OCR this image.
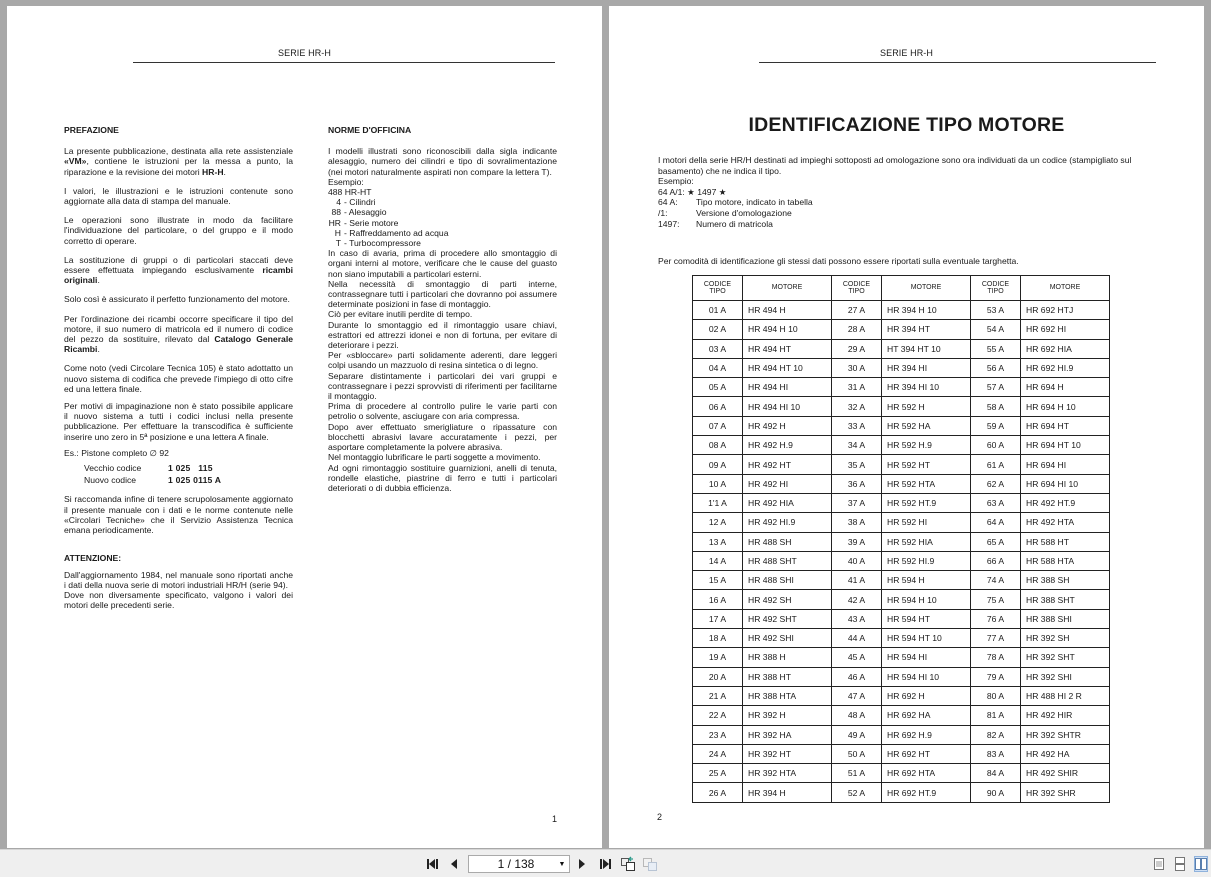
SERIE HR-H
PREFAZIONE

La presente pubblicazione, destinata alla rete assistenziale «VM», contiene le istruzioni per la messa a punto, la riparazione e la revisione dei motori HR-H.

I valori, le illustrazioni e le istruzioni contenute sono aggiornate alla data di stampa del manuale.

Le operazioni sono illustrate in modo da facilitare l'individuazione del particolare, o del gruppo e il modo corretto di operare.

La sostituzione di gruppi o di particolari staccati deve essere effettuata impiegando esclusivamente ricambi originali.

Solo così è assicurato il perfetto funzionamento del motore.

Per l'ordinazione dei ricambi occorre specificare il tipo del motore, il suo numero di matricola ed il numero di codice del pezzo da sostituire, rilevato dal Catalogo Generale Ricambi.

Come noto (vedi Circolare Tecnica 105) è stato adottatto un nuovo sistema di codifica che prevede l'impiego di otto cifre ed una lettera finale.

Per motivi di impaginazione non è stato possibile applicare il nuovo sistema a tutti i codici inclusi nella presente pubblicazione. Per effettuare la transcodifica è sufficiente inserire uno zero in 5ª posizione e una lettera A finale.

Es.: Pistone completo ∅ 92
Vecchio codice	1 025   115
Nuovo codice	1 025 0115 A

Si raccomanda infine di tenere scrupolosamente aggiornato il presente manuale con i dati e le norme contenute nelle «Circolari Tecniche» che il Servizio Assistenza Tecnica emana periodicamente.

ATTENZIONE:

Dall'aggiornamento 1984, nel manuale sono riportati anche i dati della nuova serie di motori industriali HR/H (serie 94).

Dove non diversamente specificato, valgono i valori dei motori delle precedenti serie.

NORME D'OFFICINA

I modelli illustrati sono riconoscibili dalla sigla indicante alesaggio, numero dei cilindri e tipo di sovralimentazione (nei motori naturalmente aspirati non compare la lettera T).

Esempio:
488 HR-HT
4 - Cilindri
88 - Alesaggio
HR - Serie motore
H - Raffreddamento ad acqua
T - Turbocompressore

In caso di avaria, prima di procedere allo smontaggio di organi interni al motore, verificare che le cause del guasto non siano imputabili a particolari esterni.

Nella necessità di smontaggio di parti interne, contrassegnare tutti i particolari che dovranno poi assumere determinate posizioni in fase di montaggio.

Ciò per evitare inutili perdite di tempo.

Durante lo smontaggio ed il rimontaggio usare chiavi, estrattori ed attrezzi idonei e non di fortuna, per evitare di deteriorare i pezzi.

Per «sbloccare» parti solidamente aderenti, dare leggeri colpi usando un mazzuolo di resina sintetica o di legno.

Separare distintamente i particolari dei vari gruppi e contrassegnare i pezzi sprovvisti di riferimenti per facilitarne il montaggio.

Prima di procedere al controllo pulire le varie parti con petrolio o solvente, asciugare con aria compressa.

Dopo aver effettuato smerigliature o ripassature con blocchetti abrasivi lavare accuratamente i pezzi, per asportare completamente la polvere abrasiva.

Nel montaggio lubrificare le parti soggette a movimento.

Ad ogni rimontaggio sostituire guarnizioni, anelli di tenuta, rondelle elastiche, piastrine di ferro e tutti i particolari deteriorati o di dubbia efficienza.

1
SERIE HR-H
IDENTIFICAZIONE TIPO MOTORE
I motori della serie HR/H destinati ad impieghi sottoposti ad omologazione sono ora individuati da un codice (stampigliato sul basamento) che ne indica il tipo.
Esempio:
64 A/1: ★ 1497 ★
64 A:	Tipo motore, indicato in tabella
/1:	Versione d'omologazione
1497:	Numero di matricola
Per comodità di identificazione gli stessi dati possono essere riportati sulla eventuale targhetta.
CODICE
TIPO	MOTORE	CODICE
TIPO	MOTORE	CODICE
TIPO	MOTORE
01 A	HR 494 H	27 A	HR 394 H 10	53 A	HR 692 HTJ
02 A	HR 494 H 10	28 A	HR 394 HT	54 A	HR 692 HI
03 A	HR 494 HT	29 A	HT 394 HT 10	55 A	HR 692 HIA
04 A	HR 494 HT 10	30 A	HR 394 HI	56 A	HR 692 HI.9
05 A	HR 494 HI	31 A	HR 394 HI 10	57 A	HR 694 H
06 A	HR 494 HI 10	32 A	HR 592 H	58 A	HR 694 H 10
07 A	HR 492 H	33 A	HR 592 HA	59 A	HR 694 HT
08 A	HR 492 H.9	34 A	HR 592 H.9	60 A	HR 694 HT 10
09 A	HR 492 HT	35 A	HR 592 HT	61 A	HR 694 HI
10 A	HR 492 HI	36 A	HR 592 HTA	62 A	HR 694 HI 10
1'1 A	HR 492 HIA	37 A	HR 592 HT.9	63 A	HR 492 HT.9
12 A	HR 492 HI.9	38 A	HR 592 HI	64 A	HR 492 HTA
13 A	HR 488 SH	39 A	HR 592 HIA	65 A	HR 588 HT
14 A	HR 488 SHT	40 A	HR 592 HI.9	66 A	HR 588 HTA
15 A	HR 488 SHI	41 A	HR 594 H	74 A	HR 388 SH
16 A	HR 492 SH	42 A	HR 594 H 10	75 A	HR 388 SHT
17 A	HR 492 SHT	43 A	HR 594 HT	76 A	HR 388 SHI
18 A	HR 492 SHI	44 A	HR 594 HT 10	77 A	HR 392 SH
19 A	HR 388 H	45 A	HR 594 HI	78 A	HR 392 SHT
20 A	HR 388 HT	46 A	HR 594 HI 10	79 A	HR 392 SHI
21 A	HR 388 HTA	47 A	HR 692 H	80 A	HR 488 HI 2 R
22 A	HR 392 H	48 A	HR 692 HA	81 A	HR 492 HIR
23 A	HR 392 HA	49 A	HR 692 H.9	82 A	HR 392 SHTR
24 A	HR 392 HT	50 A	HR 692 HT	83 A	HR 492 HA
25 A	HR 392 HTA	51 A	HR 692 HTA	84 A	HR 492 SHIR
26 A	HR 394 H	52 A	HR 692 HT.9	90 A	HR 392 SHR
2
1 / 138	▼
